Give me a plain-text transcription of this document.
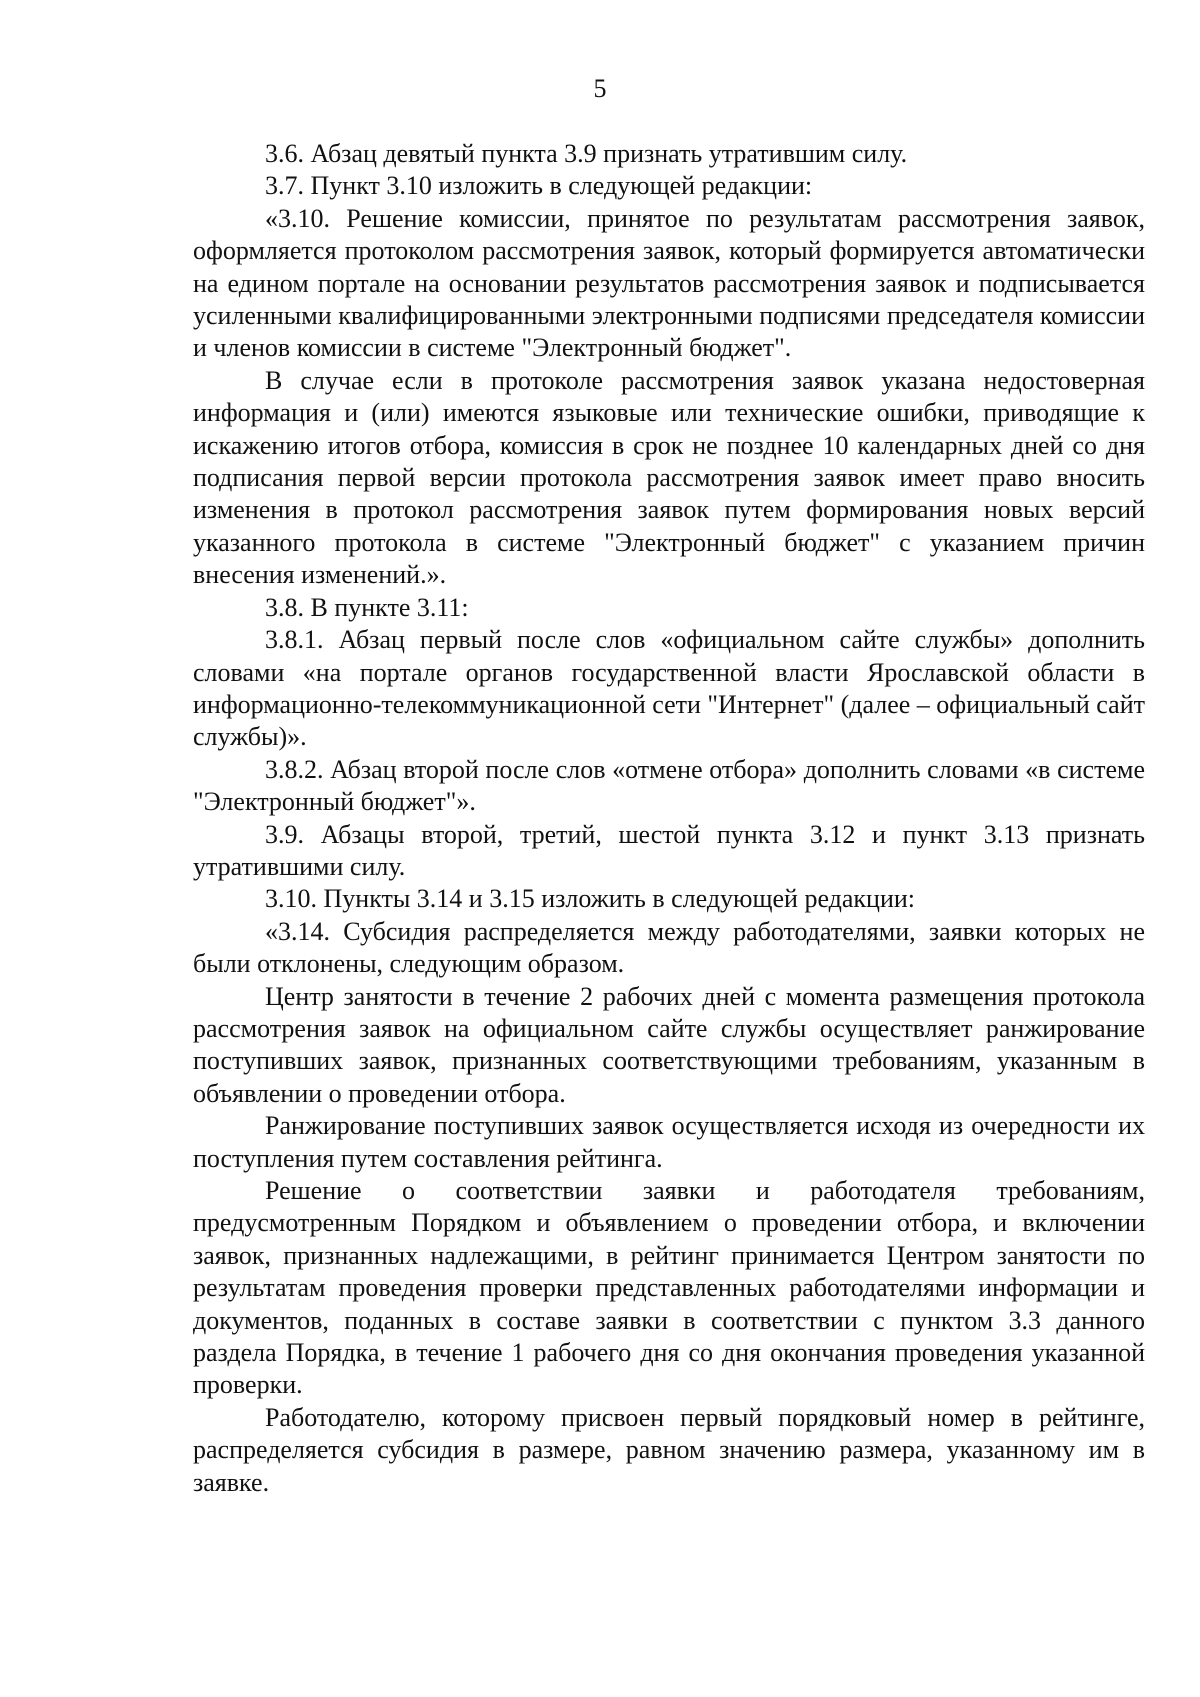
5

3.6. Абзац девятый пункта 3.9 признать утратившим силу.

3.7. Пункт 3.10 изложить в следующей редакции:

«3.10. Решение комиссии, принятое по результатам рассмотрения заявок, оформляется протоколом рассмотрения заявок, который формируется автоматически на едином портале на основании результатов рассмотрения заявок и подписывается усиленными квалифицированными электронными подписями председателя комиссии и членов комиссии в системе "Электронный бюджет".

В случае если в протоколе рассмотрения заявок указана недостоверная информация и (или) имеются языковые или технические ошибки, приводящие к искажению итогов отбора, комиссия в срок не позднее 10 календарных дней со дня подписания первой версии протокола рассмотрения заявок имеет право вносить изменения в протокол рассмотрения заявок путем формирования новых версий указанного протокола в системе "Электронный бюджет" с указанием причин внесения изменений.».

3.8. В пункте 3.11:

3.8.1. Абзац первый после слов «официальном сайте службы» дополнить словами «на портале органов государственной власти Ярославской области в информационно-телекоммуникационной сети "Интернет" (далее – официальный сайт службы)».

3.8.2. Абзац второй после слов «отмене отбора» дополнить словами «в системе "Электронный бюджет"».

3.9. Абзацы второй, третий, шестой пункта 3.12 и пункт 3.13 признать утратившими силу.

3.10. Пункты 3.14 и 3.15 изложить в следующей редакции:

«3.14. Субсидия распределяется между работодателями, заявки которых не были отклонены, следующим образом.

Центр занятости в течение 2 рабочих дней с момента размещения протокола рассмотрения заявок на официальном сайте службы осуществляет ранжирование поступивших заявок, признанных соответствующими требованиям, указанным в объявлении о проведении отбора.

Ранжирование поступивших заявок осуществляется исходя из очередности их поступления путем составления рейтинга.

Решение о соответствии заявки и работодателя требованиям, предусмотренным Порядком и объявлением о проведении отбора, и включении заявок, признанных надлежащими, в рейтинг принимается Центром занятости по результатам проведения проверки представленных работодателями информации и документов, поданных в составе заявки в соответствии с пунктом 3.3 данного раздела Порядка, в течение 1 рабочего дня со дня окончания проведения указанной проверки.

Работодателю, которому присвоен первый порядковый номер в рейтинге, распределяется субсидия в размере, равном значению размера, указанному им в заявке.
